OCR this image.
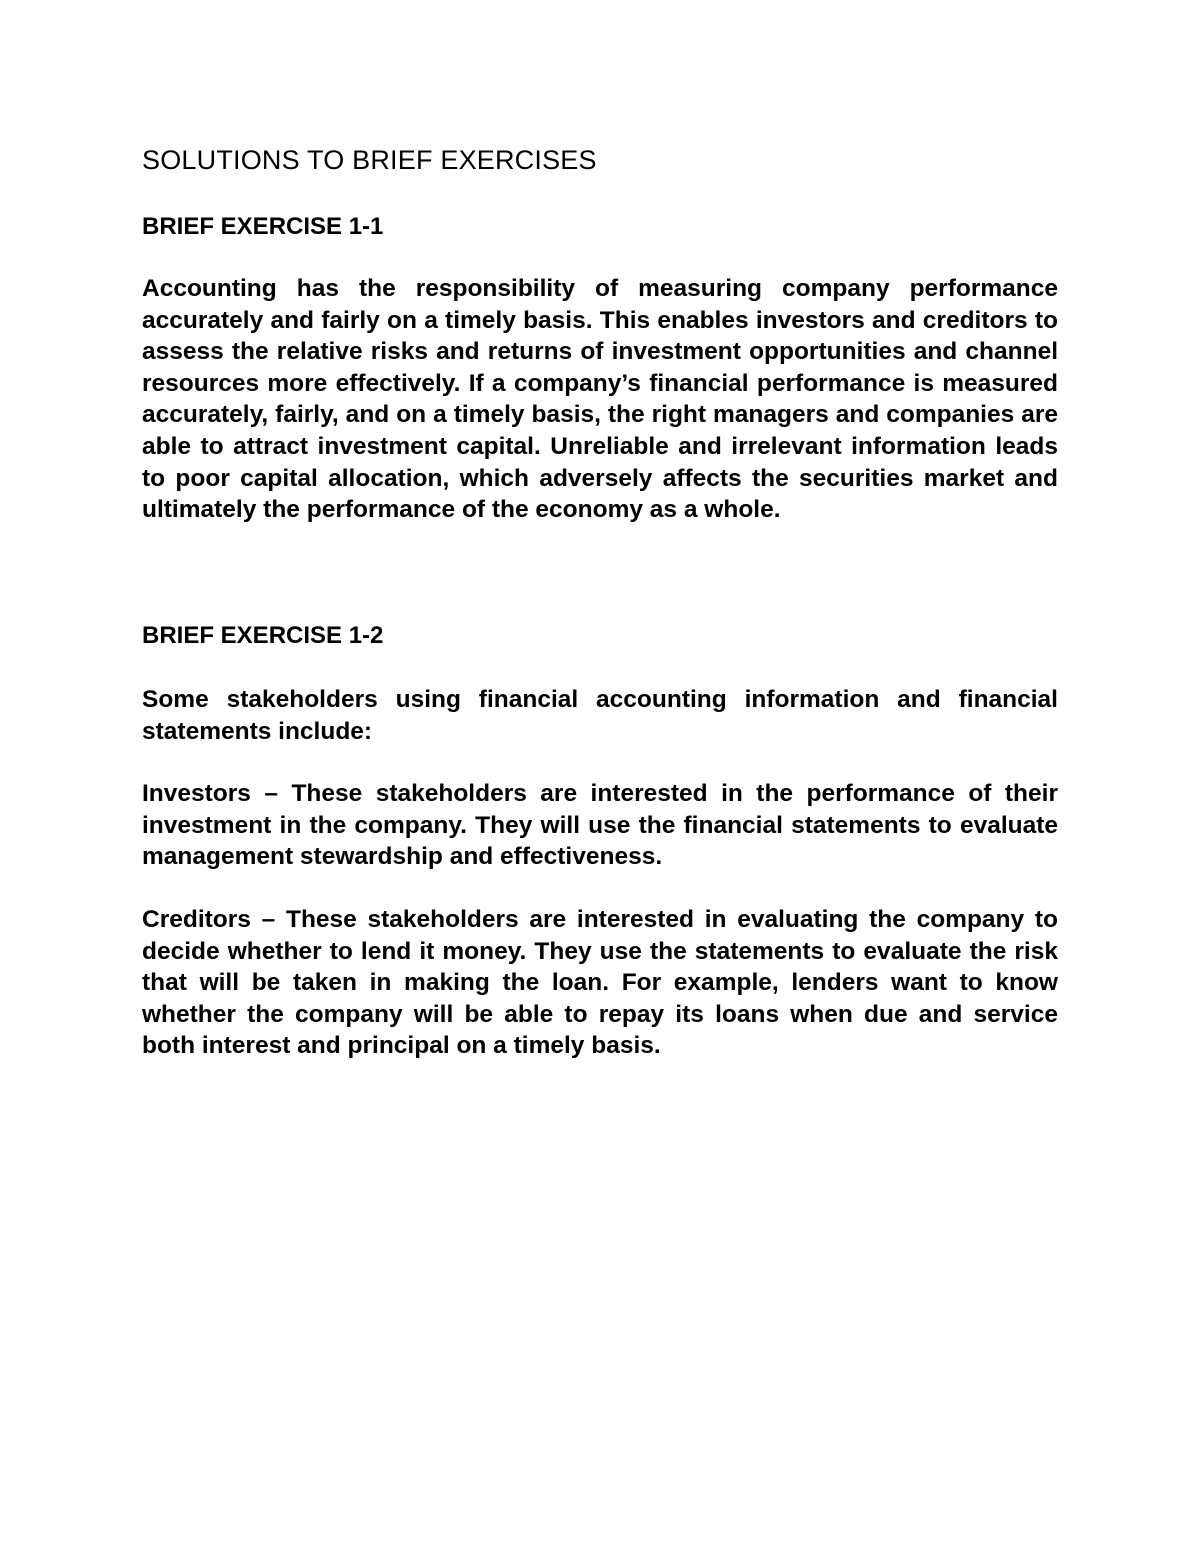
SOLUTIONS TO BRIEF EXERCISES
BRIEF EXERCISE 1-1

Accounting has the responsibility of measuring company performance accurately and fairly on a timely basis. This enables investors and creditors to assess the relative risks and returns of investment opportunities and channel resources more effectively. If a company’s financial performance is measured accurately, fairly, and on a timely basis, the right managers and companies are able to attract investment capital. Unreliable and irrelevant information leads to poor capital allocation, which adversely affects the securities market and ultimately the performance of the economy as a whole.

BRIEF EXERCISE 1-2

Some stakeholders using financial accounting information and financial statements include:

Investors – These stakeholders are interested in the performance of their investment in the company. They will use the financial statements to evaluate management stewardship and effectiveness.

Creditors – These stakeholders are interested in evaluating the company to decide whether to lend it money. They use the statements to evaluate the risk that will be taken in making the loan. For example, lenders want to know whether the company will be able to repay its loans when due and service both interest and principal on a timely basis.
